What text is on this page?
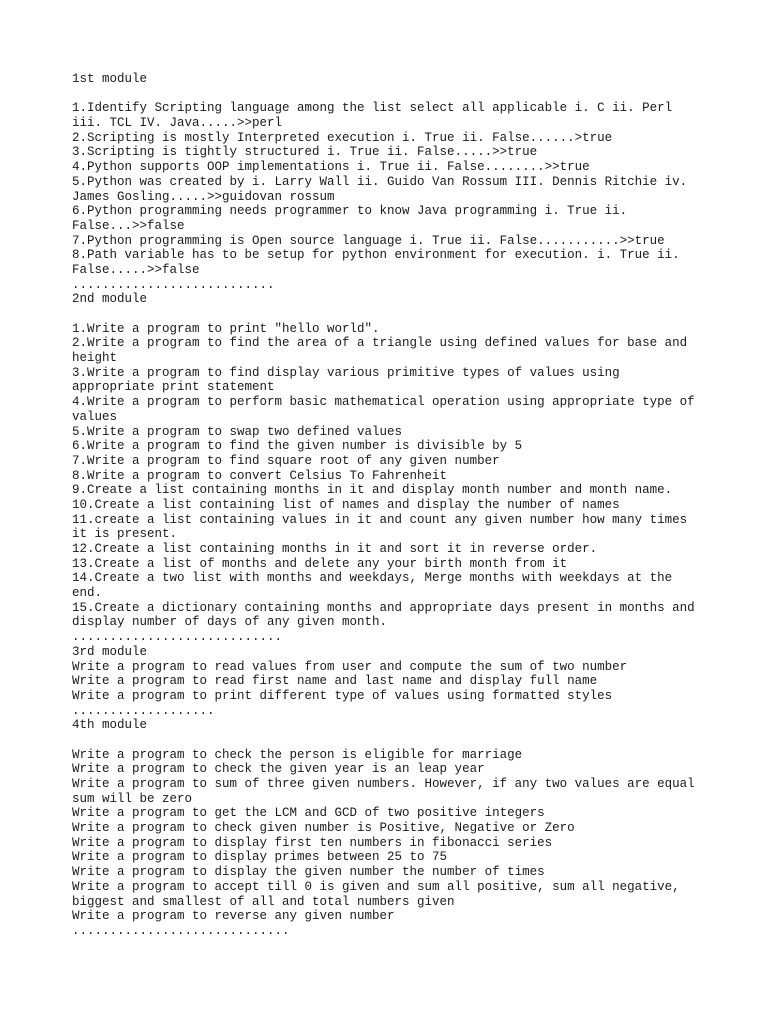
1st module
1.Identify Scripting language among the list select all applicable i. C ii. Perl
iii. TCL IV. Java.....>>perl
2.Scripting is mostly Interpreted execution i. True ii. False......>true
3.Scripting is tightly structured i. True ii. False.....>>true
4.Python supports OOP implementations i. True ii. False........>>true
5.Python was created by i. Larry Wall ii. Guido Van Rossum III. Dennis Ritchie iv.
James Gosling.....>>guidovan rossum
6.Python programming needs programmer to know Java programming i. True ii.
False...>>false
7.Python programming is Open source language i. True ii. False...........>>true
8.Path variable has to be setup for python environment for execution. i. True ii.
False.....>>false
...........................
2nd module
1.Write a program to print "hello world".
2.Write a program to find the area of a triangle using defined values for base and
height
3.Write a program to find display various primitive types of values using
appropriate print statement
4.Write a program to perform basic mathematical operation using appropriate type of
values
5.Write a program to swap two defined values
6.Write a program to find the given number is divisible by 5
7.Write a program to find square root of any given number
8.Write a program to convert Celsius To Fahrenheit
9.Create a list containing months in it and display month number and month name.
10.Create a list containing list of names and display the number of names
11.create a list containing values in it and count any given number how many times
it is present.
12.Create a list containing months in it and sort it in reverse order.
13.Create a list of months and delete any your birth month from it
14.Create a two list with months and weekdays, Merge months with weekdays at the
end.
15.Create a dictionary containing months and appropriate days present in months and
display number of days of any given month.
............................
3rd module
Write a program to read values from user and compute the sum of two number
Write a program to read first name and last name and display full name
Write a program to print different type of values using formatted styles
...................
4th module
Write a program to check the person is eligible for marriage
Write a program to check the given year is an leap year
Write a program to sum of three given numbers. However, if any two values are equal
sum will be zero
Write a program to get the LCM and GCD of two positive integers
Write a program to check given number is Positive, Negative or Zero
Write a program to display first ten numbers in fibonacci series
Write a program to display primes between 25 to 75
Write a program to display the given number the number of times
Write a program to accept till 0 is given and sum all positive, sum all negative,
biggest and smallest of all and total numbers given
Write a program to reverse any given number
.............................
